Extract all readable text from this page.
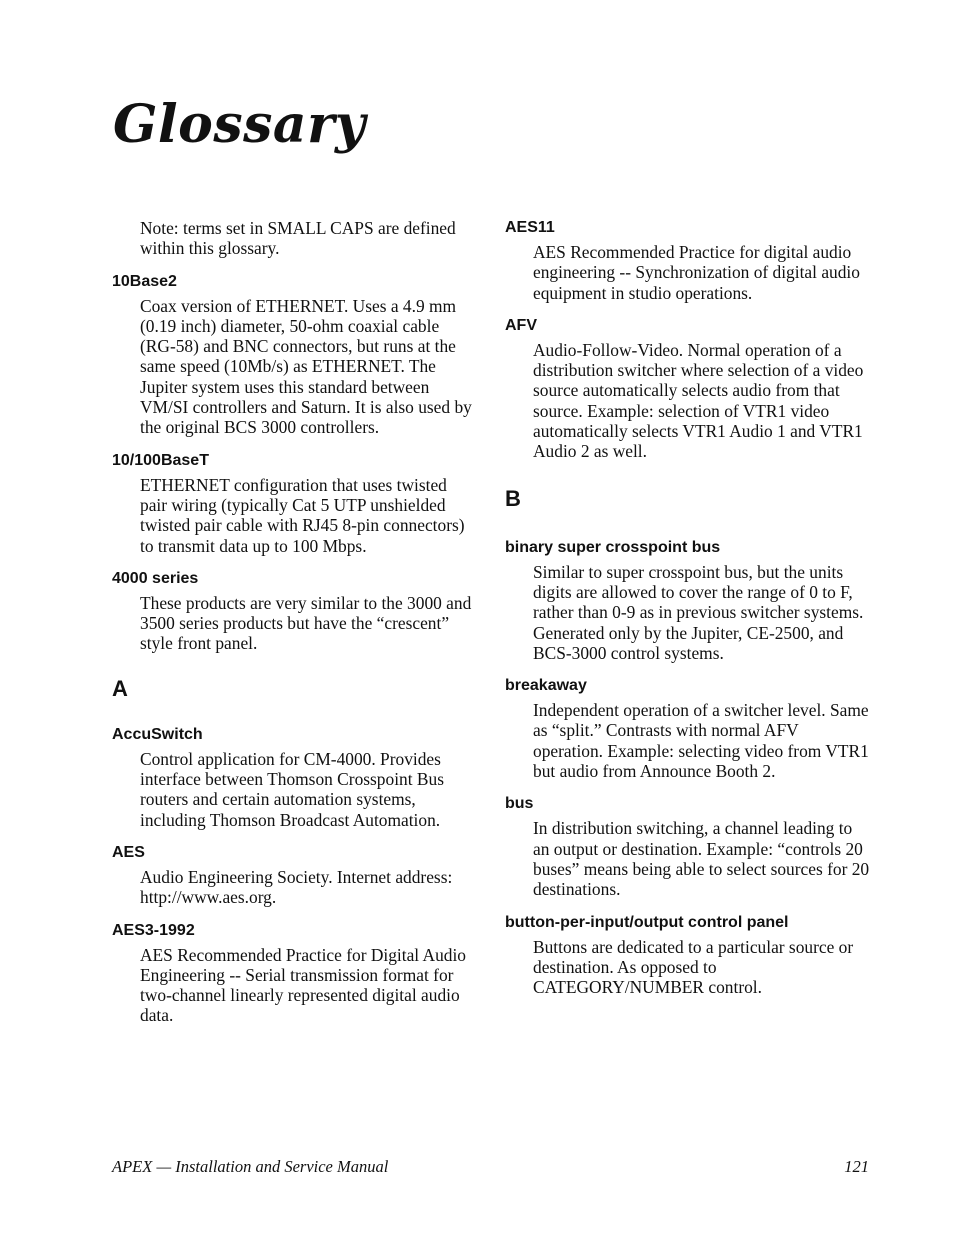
Glossary
Note: terms set in SMALL CAPS are defined within this glossary.
10Base2
Coax version of ETHERNET. Uses a 4.9 mm (0.19 inch) diameter, 50-ohm coaxial cable (RG-58) and BNC connectors, but runs at the same speed (10Mb/s) as ETHERNET. The Jupiter system uses this standard between VM/SI controllers and Saturn. It is also used by the original BCS 3000 controllers.
10/100BaseT
ETHERNET configuration that uses twisted pair wiring (typically Cat 5 UTP unshielded twisted pair cable with RJ45 8-pin connectors) to transmit data up to 100 Mbps.
4000 series
These products are very similar to the 3000 and 3500 series products but have the “crescent” style front panel.
A
AccuSwitch
Control application for CM-4000. Provides interface between Thomson Crosspoint Bus routers and certain automation systems, including Thomson Broadcast Automation.
AES
Audio Engineering Society. Internet address: http://www.aes.org.
AES3-1992
AES Recommended Practice for Digital Audio Engineering -- Serial transmission format for two-channel linearly represented digital audio data.
AES11
AES Recommended Practice for digital audio engineering -- Synchronization of digital audio equipment in studio operations.
AFV
Audio-Follow-Video. Normal operation of a distribution switcher where selection of a video source automatically selects audio from that source. Example: selection of VTR1 video automatically selects VTR1 Audio 1 and VTR1 Audio 2 as well.
B
binary super crosspoint bus
Similar to super crosspoint bus, but the units digits are allowed to cover the range of 0 to F, rather than 0-9 as in previous switcher systems. Generated only by the Jupiter, CE-2500, and BCS-3000 control systems.
breakaway
Independent operation of a switcher level. Same as “split.” Contrasts with normal AFV operation. Example: selecting video from VTR1 but audio from Announce Booth 2.
bus
In distribution switching, a channel leading to an output or destination. Example: “controls 20 buses” means being able to select sources for 20 destinations.
button-per-input/output control panel
Buttons are dedicated to a particular source or destination. As opposed to CATEGORY/NUMBER control.
APEX — Installation and Service Manual	121
